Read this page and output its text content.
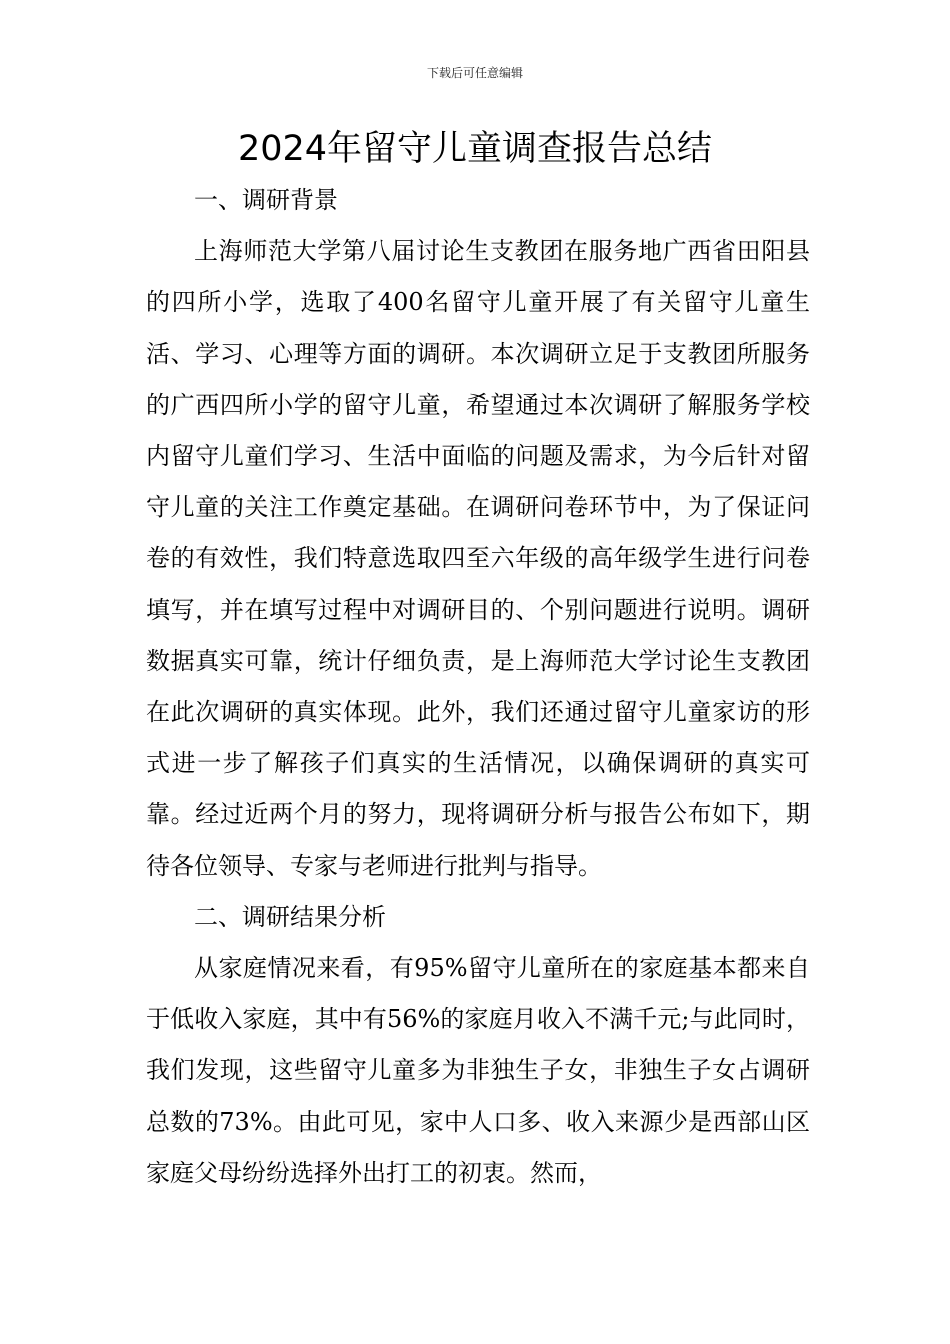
下载后可任意编辑
2024年留守儿童调查报告总结

一、调研背景

上海师范大学第八届讨论生支教团在服务地广西省田阳县的四所小学，选取了400名留守儿童开展了有关留守儿童生活、学习、心理等方面的调研。本次调研立足于支教团所服务的广西四所小学的留守儿童，希望通过本次调研了解服务学校内留守儿童们学习、生活中面临的问题及需求，为今后针对留守儿童的关注工作奠定基础。在调研问卷环节中，为了保证问卷的有效性，我们特意选取四至六年级的高年级学生进行问卷填写，并在填写过程中对调研目的、个别问题进行说明。调研数据真实可靠，统计仔细负责，是上海师范大学讨论生支教团在此次调研的真实体现。此外，我们还通过留守儿童家访的形式进一步了解孩子们真实的生活情况，以确保调研的真实可靠。经过近两个月的努力，现将调研分析与报告公布如下，期待各位领导、专家与老师进行批判与指导。

二、调研结果分析

从家庭情况来看，有95%留守儿童所在的家庭基本都来自于低收入家庭，其中有56%的家庭月收入不满千元;与此同时，我们发现，这些留守儿童多为非独生子女，非独生子女占调研总数的73%。由此可见，家中人口多、收入来源少是西部山区家庭父母纷纷选择外出打工的初衷。然而，
